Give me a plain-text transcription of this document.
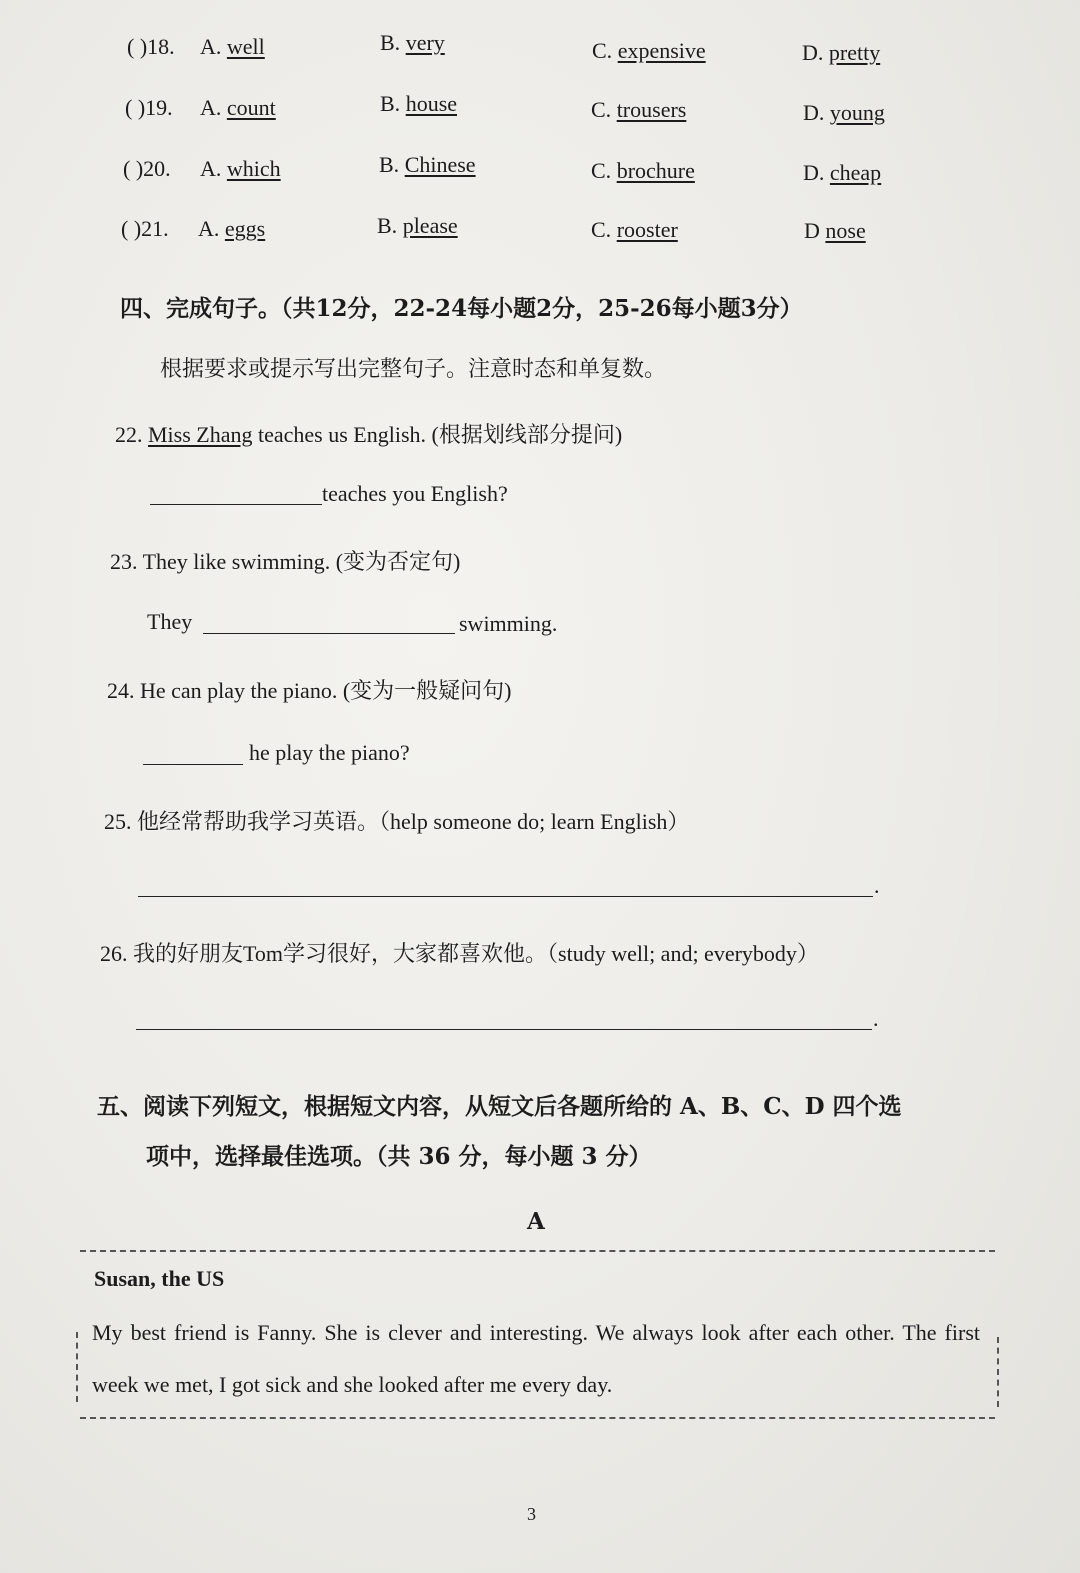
( )18. A. well	B. very	C. expensive	D. pretty
( )19. A. count	B. house	C. trousers	D. young
( )20. A. which	B. Chinese	C. brochure	D. cheap
( )21. A. eggs	B. please	C. rooster	D nose
四、完成句子。（共12分，22-24每小题2分，25-26每小题3分）
根据要求或提示写出完整句子。注意时态和单复数。
22. Miss Zhang teaches us English. (根据划线部分提问)
teaches you English?
23. They like swimming. (变为否定句)
They	swimming.
24. He can play the piano. (变为一般疑问句)
he play the piano?
25. 他经常帮助我学习英语。（help someone do; learn English）
.
26. 我的好朋友Tom学习很好，大家都喜欢他。（study well; and; everybody）
.
五、阅读下列短文，根据短文内容，从短文后各题所给的 A、B、C、D 四个选
项中，选择最佳选项。（共 36 分，每小题 3 分）
A
Susan, the US
My best friend is Fanny. She is clever and interesting. We always look after each other. The first week we met, I got sick and she looked after me every day.
3
